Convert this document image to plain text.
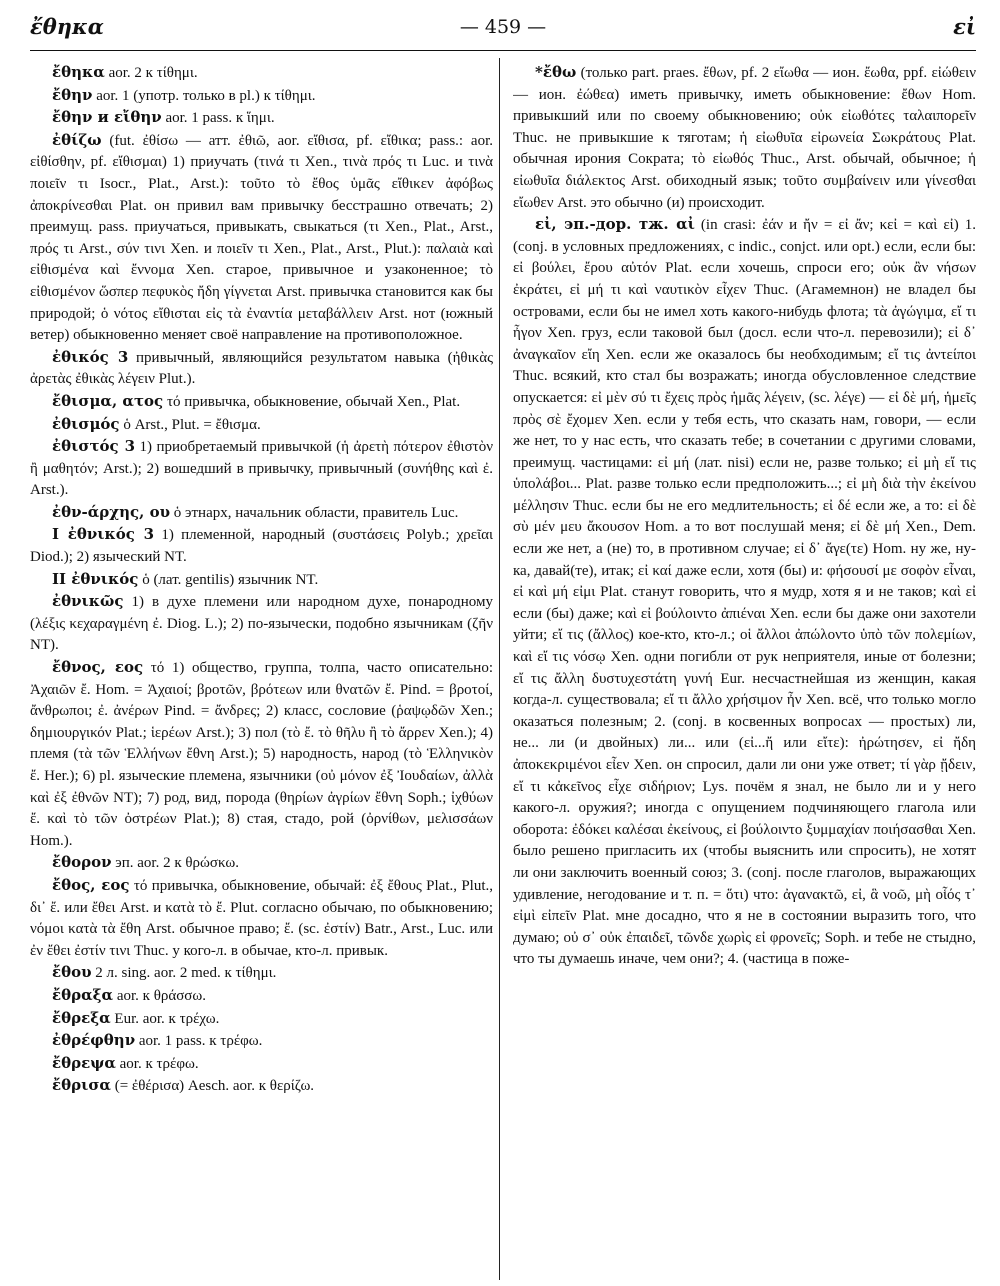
ἔθηκα	— 459 —	εἰ

ἔθηκα aor. 2 к τίθημι.

ἔθην aor. 1 (употр. только в pl.) к τίθημι.

ἔθην и εἴθην aor. 1 pass. к ἵημι.

ἐθίζω (fut. ἐθίσω — атт. ἐθιῶ, aor. εἴθισα, pf. εἴθικα; pass.: aor. εἰθίσθην, pf. εἴθισμαι) 1) приучать (τινά τι Xen., τινὰ πρός τι Luc. и τινὰ ποιεῖν τι Isocr., Plat., Arst.): τοῦτο τὸ ἔθος ὑμᾶς εἴθικεν ἀφόβως ἀποκρίνεσθαι Plat. он привил вам привычку бесстрашно отвечать; 2) преимущ. pass. приучаться, привыкать, свыкаться (τι Xen., Plat., Arst., πρός τι Arst., σύν τινι Xen. и ποιεῖν τι Xen., Plat., Arst., Plut.): παλαιὰ καὶ εἰθισμένα καὶ ἔννομα Xen. старое, привычное и узаконенное; τὸ εἰθισμένον ὥσπερ πεφυκὸς ἤδη γίγνεται Arst. привычка становится как бы природой; ὁ νότος εἴθισται εἰς τὰ ἐναντία μεταβάλλειν Arst. нот (южный ветер) обыкновенно меняет своё направление на противоположное.

ἐθικός 3 привычный, являющийся результатом навыка (ἠθικὰς ἀρετὰς ἐθικὰς λέγειν Plut.).

ἔθισμα, ατος τό привычка, обыкновение, обычай Xen., Plat.

ἐθισμός ὁ Arst., Plut. = ἔθισμα.

ἐθιστός 3 1) приобретаемый привычкой (ἡ ἀρετὴ πότερον ἐθιστὸν ἢ μαθητόν; Arst.); 2) вошедший в привычку, привычный (συνήθης καὶ ἐ. Arst.).

ἐθν-άρχης, ου ὁ этнарх, начальник области, правитель Luc.

I ἐθνικός 3 1) племенной, народный (συστάσεις Polyb.; χρεῖαι Diod.); 2) языческий NT.

II ἐθνικός ὁ (лат. gentilis) язычник NT.

ἐθνικῶς 1) в духе племени или народном духе, понародному (λέξις κεχαραγμένη ἐ. Diog. L.); 2) по-язычески, подобно язычникам (ζῆν NT).

ἔθνος, εος τό 1) общество, группа, толпа, часто описательно: Ἀχαιῶν ἔ. Hom. = Ἀχαιοί; βροτῶν, βρότεων или θνατῶν ἔ. Pind. = βροτοί, ἄνθρωποι; ἐ. ἀνέρων Pind. = ἄνδρες; 2) класс, сословие (ῥαψῳδῶν Xen.; δημιουργικόν Plat.; ἱερέων Arst.); 3) пол (τὸ ἔ. τὸ θῆλυ ἢ τὸ ἄρρεν Xen.); 4) племя (τὰ τῶν Ἑλλήνων ἔθνη Arst.); 5) народность, народ (τὸ Ἑλληνικὸν ἔ. Her.); 6) pl. языческие племена, язычники (οὐ μόνον ἐξ Ἰουδαίων, ἀλλὰ καὶ ἐξ ἐθνῶν NT); 7) род, вид, порода (θηρίων ἀγρίων ἔθνη Soph.; ἰχθύων ἔ. καὶ τὸ τῶν ὀστρέων Plat.); 8) стая, стадо, рой (ὀρνίθων, μελισσάων Hom.).

ἔθορον эп. aor. 2 к θρώσκω.

ἔθος, εος τό привычка, обыкновение, обычай: ἐξ ἔθους Plat., Plut., δι᾽ ἔ. или ἔθει Arst. и κατὰ τὸ ἔ. Plut. согласно обычаю, по обыкновению; νόμοι κατὰ τὰ ἔθη Arst. обычное право; ἔ. (sc. ἐστίν) Batr., Arst., Luc. или ἐν ἔθει ἐστίν τινι Thuc. у кого-л. в обычае, кто-л. привык.

ἔθου 2 л. sing. aor. 2 med. к τίθημι.

ἔθραξα aor. к θράσσω.

ἔθρεξα Eur. aor. к τρέχω.

ἐθρέφθην aor. 1 pass. к τρέφω.

ἔθρεψα aor. к τρέφω.

ἔθρισα (= ἐθέρισα) Aesch. aor. к θερίζω.

*ἔθω (только part. praes. ἔθων, pf. 2 εἴωθα — ион. ἔωθα, ppf. εἰώθειν — ион. ἐώθεα) иметь привычку, иметь обыкновение: ἔθων Hom. привыкший или по своему обыкновению; οὐκ εἰωθότες ταλαιπορεῖν Thuc. не привыкшие к тяготам; ἡ εἰωθυῖα εἰρωνεία Σωκράτους Plat. обычная ирония Сократа; τὸ εἰωθός Thuc., Arst. обычай, обычное; ἡ εἰωθυῖα διάλεκτος Arst. обиходный язык; τοῦτο συμβαίνειν или γίνεσθαι εἴωθεν Arst. это обычно (и) происходит.

εἰ, эп.-дор. тж. αἰ (in crasi: ἐάν и ἤν = εἰ ἄν; κεἰ = καὶ εἰ) 1. (conj. в условных предложениях, с indic., conjct. или opt.) если, если бы: εἰ βούλει, ἔρου αὐτόν Plat. если хочешь, спроси его; οὐκ ἂν νήσων ἐκράτει, εἰ μή τι καὶ ναυτικὸν εἶχεν Thuc. (Агамемнон) не владел бы островами, если бы не имел хоть какого-нибудь флота; τὰ ἀγώγιμα, εἴ τι ἦγον Xen. груз, если таковой был (досл. если что-л. перевозили); εἰ δ᾽ ἀναγκαῖον εἴη Xen. если же оказалось бы необходимым; εἴ τις ἀντείποι Thuc. всякий, кто стал бы возражать; иногда обусловленное следствие опускается: εἰ μὲν σύ τι ἔχεις πρὸς ἡμᾶς λέγειν, (sc. λέγε) — εἰ δὲ μή, ἡμεῖς πρὸς σὲ ἔχομεν Xen. если у тебя есть, что сказать нам, говори, — если же нет, то у нас есть, что сказать тебе; в сочетании с другими словами, преимущ. частицами: εἰ μή (лат. nisi) если не, разве только; εἰ μὴ εἴ τις ὑπολάβοι... Plat. разве только если предположить...; εἰ μὴ διὰ τὴν ἐκείνου μέλλησιν Thuc. если бы не его медлительность; εἰ δέ если же, а то: εἰ δὲ σὺ μέν μευ ἄκουσον Hom. а то вот послушай меня; εἰ δὲ μή Xen., Dem. если же нет, а (не) то, в противном случае; εἰ δ᾽ ἄγε(τε) Hom. ну же, ну-ка, давай(те), итак; εἰ καί даже если, хотя (бы) и: φήσουσί με σοφὸν εἶναι, εἰ καὶ μή εἰμι Plat. станут говорить, что я мудр, хотя я и не таков; καὶ εἰ если (бы) даже; καὶ εἰ βούλοιντο ἀπιέναι Xen. если бы даже они захотели уйти; εἴ τις (ἄλλος) кое-кто, кто-л.; οἱ ἄλλοι ἀπώλοντο ὑπὸ τῶν πολεμίων, καὶ εἴ τις νόσῳ Xen. одни погибли от рук неприятеля, иные от болезни; εἴ τις ἄλλη δυστυχεστάτη γυνή Eur. несчастнейшая из женщин, какая когда-л. существовала; εἴ τι ἄλλο χρήσιμον ἦν Xen. всё, что только могло оказаться полезным; 2. (conj. в косвенных вопросах — простых) ли, не... ли (и двойных) ли... или (εἰ...ἤ или εἴτε): ἠρώτησεν, εἰ ἤδη ἀποκεκριμένοι εἶεν Xen. он спросил, дали ли они уже ответ; τί γὰρ ᾔδειν, εἴ τι κἀκεῖνος εἶχε σιδήριον; Lys. почём я знал, не было ли и у него какого-л. оружия?; иногда с опущением подчиняющего глагола или оборота: ἐδόκει καλέσαι ἐκείνους, εἰ βούλοιντο ξυμμαχίαν ποιήσασθαι Xen. было решено пригласить их (чтобы выяснить или спросить), не хотят ли они заключить военный союз; 3. (conj. после глаголов, выражающих удивление, негодование и т. п. = ὅτι) что: ἀγανακτῶ, εἰ, ἃ νοῶ, μὴ οἷός τ᾽ εἰμὶ εἰπεῖν Plat. мне досадно, что я не в состоянии выразить того, что думаю; οὐ σ᾽ οὐκ ἐπαιδεῖ, τῶνδε χωρὶς εἰ φρονεῖς; Soph. и тебе не стыдно, что ты думаешь иначе, чем они?; 4. (частица в поже-
